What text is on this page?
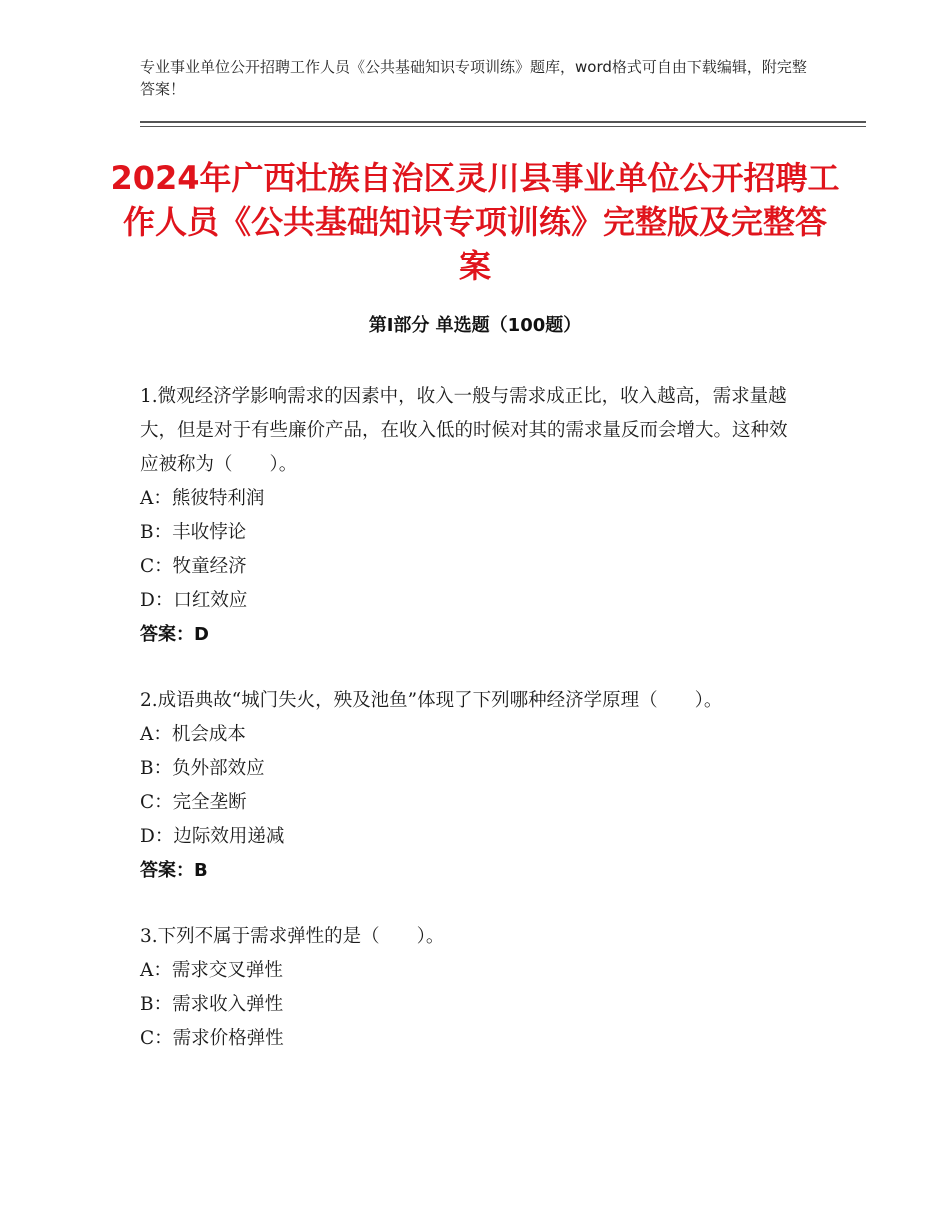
专业事业单位公开招聘工作人员《公共基础知识专项训练》题库，word格式可自由下载编辑，附完整答案！
2024年广西壮族自治区灵川县事业单位公开招聘工作人员《公共基础知识专项训练》完整版及完整答案
第Ⅰ部分 单选题（100题）

1.微观经济学影响需求的因素中，收入一般与需求成正比，收入越高，需求量越大，但是对于有些廉价产品，在收入低的时候对其的需求量反而会增大。这种效应被称为（　　）。

A：熊彼特利润
B：丰收悖论
C：牧童经济
D：口红效应
答案：D

2.成语典故“城门失火，殃及池鱼”体现了下列哪种经济学原理（　　）。

A：机会成本
B：负外部效应
C：完全垄断
D：边际效用递减
答案：B

3.下列不属于需求弹性的是（　　）。

A：需求交叉弹性
B：需求收入弹性
C：需求价格弹性
